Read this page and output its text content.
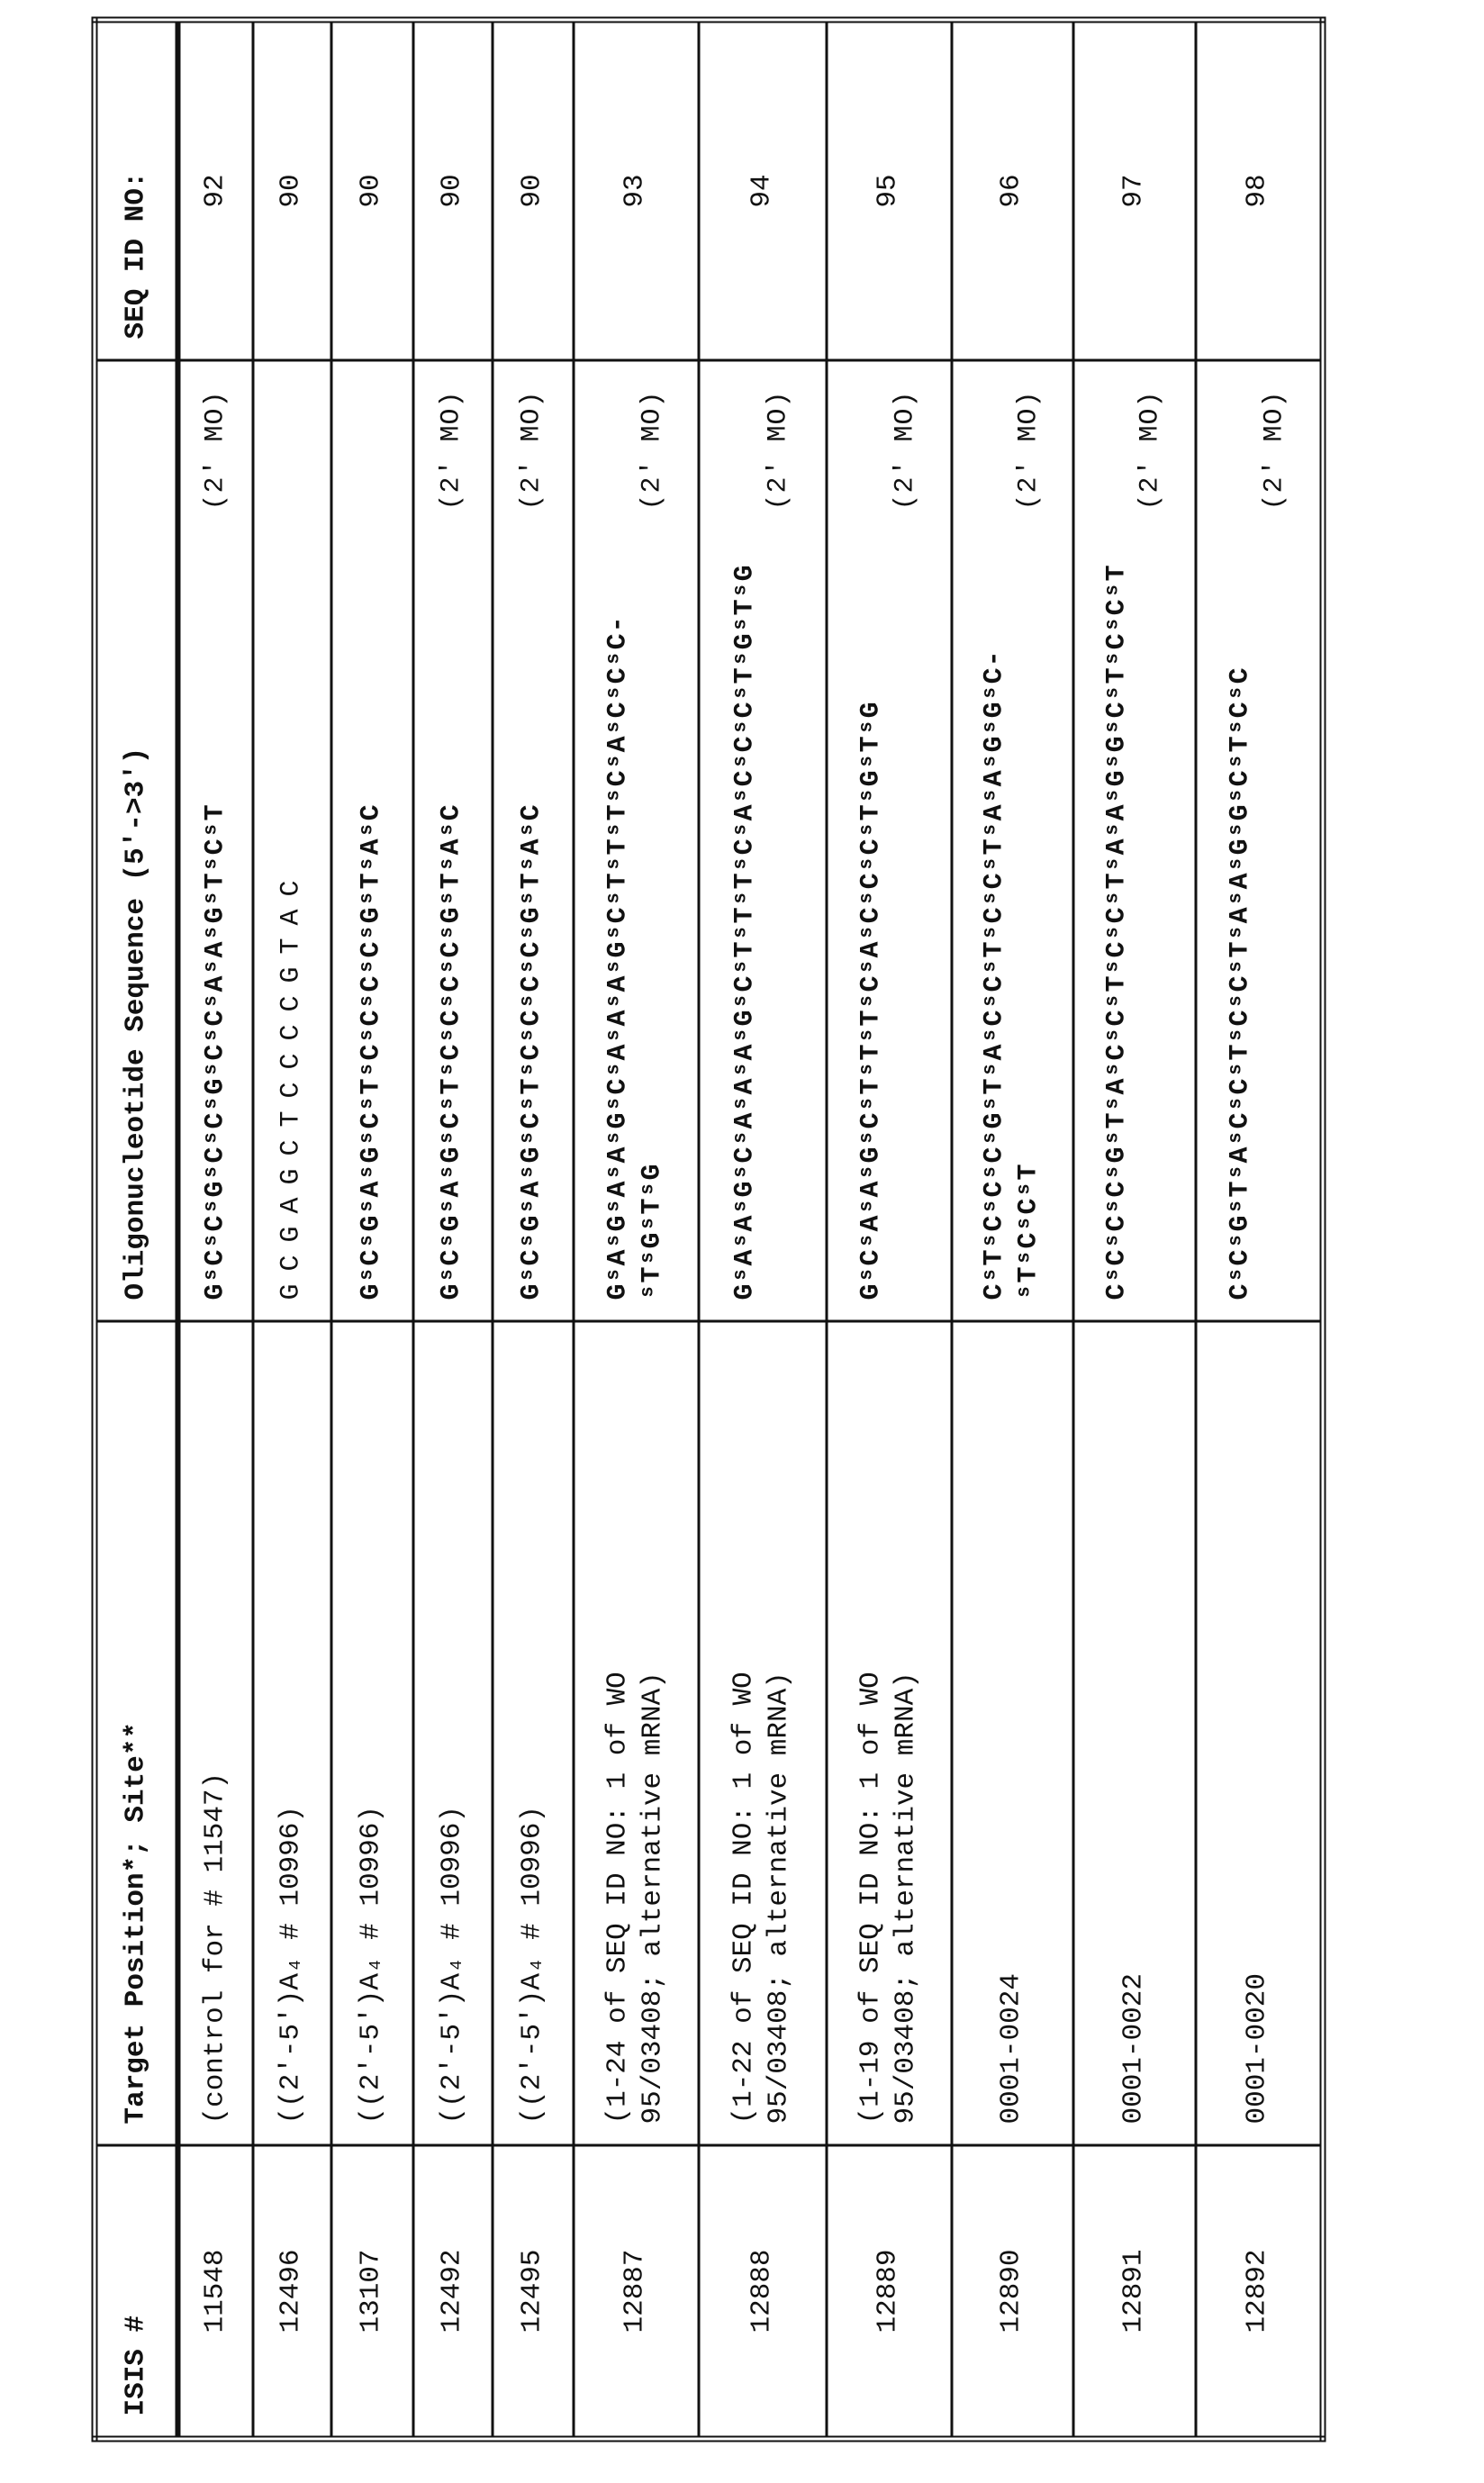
ISIS #	Target Position*; Site**	Oligonucleotide Sequence (5'->3')	SEQ ID NO:
11548	(control for # 11547)	
GˢCˢCˢGˢCˢCˢGˢCˢCˢAˢAˢGˢTˢCˢT
(2' MO)
	92
12496	((2'-5')A₄ # 10996)	
GCGAGCTCCCCGTAC
	90
13107	((2'-5')A₄ # 10996)	
GˢCˢGˢAˢGˢCˢTˢCˢCˢCˢCˢGˢTˢAˢC
	90
12492	((2'-5')A₄ # 10996)	
GˢCˢGˢAˢGˢCˢTˢCˢCˢCˢCˢGˢTˢAˢC
(2' MO)
	90
12495	((2'-5')A₄ # 10996)	
GˢCˢGˢAˢGˢCˢTˢCˢCˢCˢCˢGˢTˢAˢC
(2' MO)
	90
12887	(1-24 of SEQ ID NO: 1 of WO
95/03408; alternative mRNA)	
GˢAˢGˢAˢAˢGˢCˢAˢAˢAˢGˢCˢTˢTˢTˢCˢAˢCˢCˢC- ˢTˢGˢTˢG
(2' MO)
	93
12888	(1-22 of SEQ ID NO: 1 of WO
95/03408; alternative mRNA)	
GˢAˢAˢGˢCˢAˢAˢAˢGˢCˢTˢTˢTˢCˢAˢCˢCˢCˢTˢGˢTˢG
(2' MO)
	94
12889	(1-19 of SEQ ID NO: 1 of WO
95/03408; alternative mRNA)	
GˢCˢAˢAˢGˢCˢTˢTˢTˢCˢAˢCˢCˢCˢTˢGˢTˢG
(2' MO)
	95
12890	0001-0024	
CˢTˢCˢCˢCˢGˢTˢAˢCˢCˢTˢCˢCˢTˢAˢAˢGˢGˢC- ˢTˢCˢCˢT
(2' MO)
	96
12891	0001-0022	
CˢCˢCˢCˢGˢTˢAˢCˢCˢTˢCˢCˢTˢAˢAˢGˢGˢCˢTˢCˢCˢT
(2' MO)
	97
12892	0001-0020	
CˢCˢGˢTˢAˢCˢCˢTˢCˢCˢTˢAˢAˢGˢGˢCˢTˢCˢC
(2' MO)
	98
